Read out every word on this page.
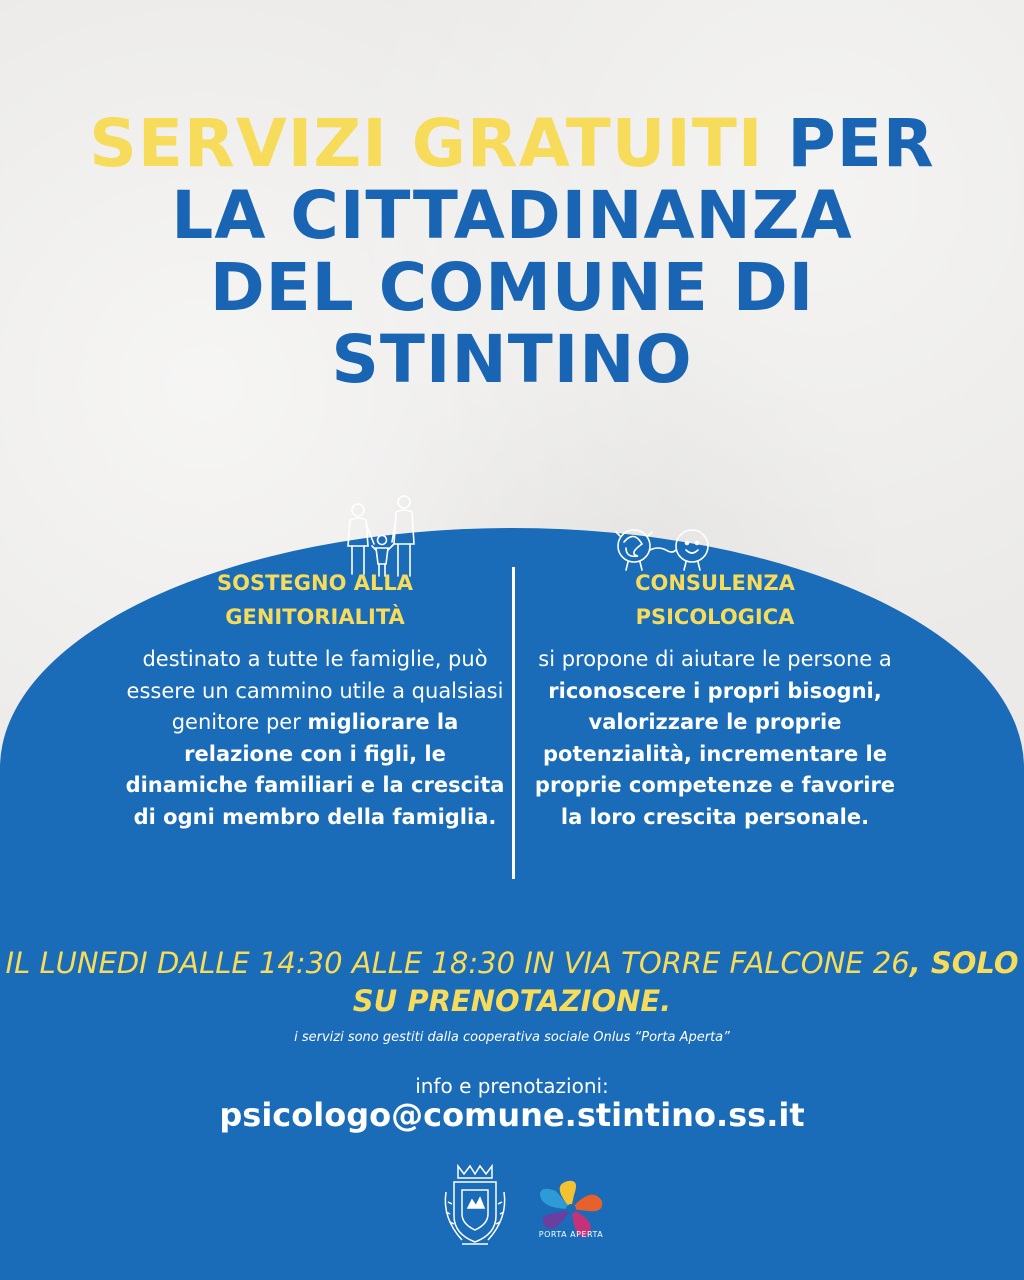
SERVIZI GRATUITI PER
LA CITTADINANZA
DEL COMUNE DI
STINTINO
SOSTEGNO ALLA
GENITORIALITÀ

destinato a tutte le famiglie, può essere un cammino utile a qualsiasi genitore per migliorare la relazione con i figli, le dinamiche familiari e la crescita di ogni membro della famiglia.

CONSULENZA
PSICOLOGICA

si propone di aiutare le persone a riconoscere i propri bisogni, valorizzare le proprie potenzialità, incrementare le proprie competenze e favorire la loro crescita personale.

IL LUNEDI DALLE 14:30 ALLE 18:30 IN VIA TORRE FALCONE 26, SOLO SU PRENOTAZIONE.
i servizi sono gestiti dalla cooperativa sociale Onlus “Porta Aperta”
info e prenotazioni:
psicologo@comune.stintino.ss.it
PORTA APERTA
